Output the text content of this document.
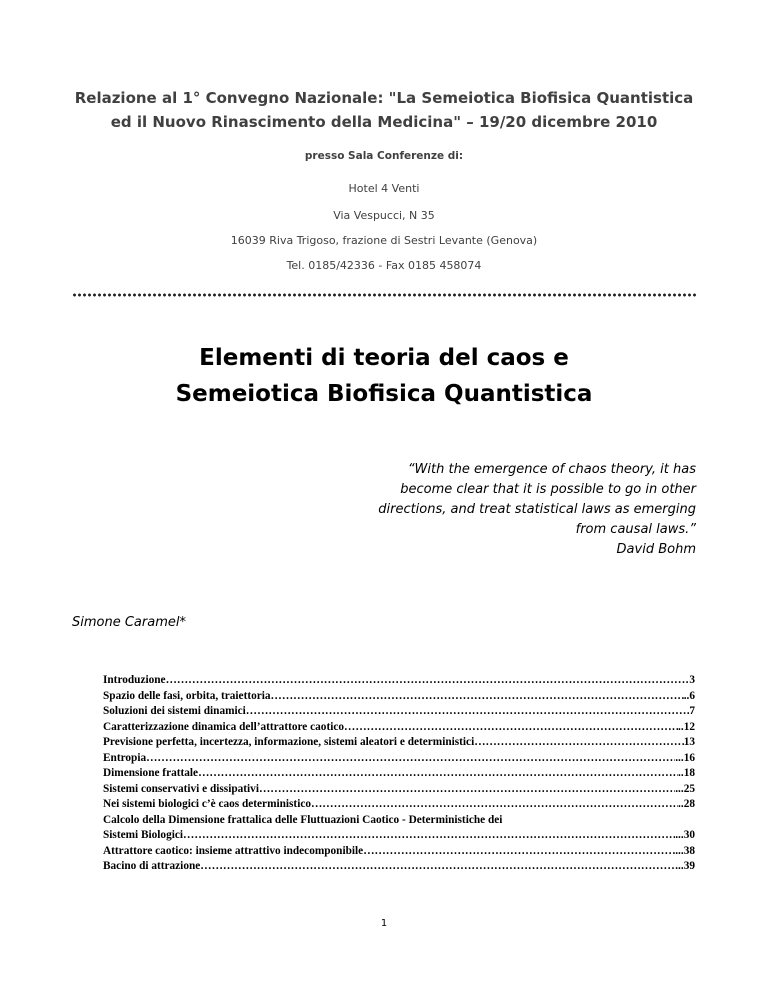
Relazione al 1° Convegno Nazionale: "La Semeiotica Biofisica Quantistica
ed il Nuovo Rinascimento della Medicina" – 19/20 dicembre 2010
presso Sala Conferenze di:
Hotel 4 Venti
Via Vespucci, N 35
16039 Riva Trigoso, frazione di Sestri Levante (Genova)
Tel. 0185/42336 - Fax 0185 458074
Elementi di teoria del caos e
Semeiotica Biofisica Quantistica
“With the emergence of chaos theory, it has
become clear that it is possible to go in other
directions, and treat statistical laws as emerging
from causal laws.”
David Bohm
Simone Caramel*
Introduzione ………………………………………………………………………………………………………………………………………………………………	3
Spazio delle fasi, orbita, traiettoria ………………………………………………………………………………………………………………………………………………………………	..6
Soluzioni dei sistemi dinamici ………………………………………………………………………………………………………………………………………………………………	7
Caratterizzazione dinamica dell’attrattore caotico ………………………………………………………………………………………………………………………………………………………………	..12
Previsione perfetta, incertezza, informazione, sistemi aleatori e deterministici ………………………………………………………………………………………………………………………………………………………………	13
Entropia ………………………………………………………………………………………………………………………………………………………………	...16
Dimensione frattale ………………………………………………………………………………………………………………………………………………………………	..18
Sistemi conservativi e dissipativi ………………………………………………………………………………………………………………………………………………………………	...25
Nei sistemi biologici c’è caos deterministico ………………………………………………………………………………………………………………………………………………………………	..28
Calcolo della Dimensione frattalica delle Fluttuazioni Caotico - Deterministiche dei
Sistemi Biologici ………………………………………………………………………………………………………………………………………………………………	...30
Attrattore caotico: insieme attrattivo indecomponibile ………………………………………………………………………………………………………………………………………………………………	...38
Bacino di attrazione ………………………………………………………………………………………………………………………………………………………………	..39
1
